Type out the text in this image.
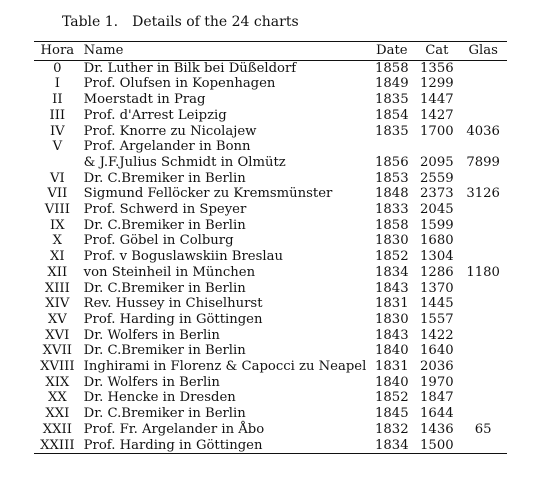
Table 1. Details of the 24 charts
Hora	Name	Date	Cat	Glas
0	Dr. Luther in Bilk bei Düßeldorf	1858	1356	
I	Prof. Olufsen in Kopenhagen	1849	1299	
II	Moerstadt in Prag	1835	1447	
III	Prof. d'Arrest Leipzig	1854	1427	
IV	Prof. Knorre zu Nicolajew	1835	1700	4036
V	Prof. Argelander in Bonn			
	& J.F.Julius Schmidt in Olmütz	1856	2095	7899
VI	Dr. C.Bremiker in Berlin	1853	2559	
VII	Sigmund Fellöcker zu Kremsmünster	1848	2373	3126
VIII	Prof. Schwerd in Speyer	1833	2045	
IX	Dr. C.Bremiker in Berlin	1858	1599	
X	Prof. Göbel in Colburg	1830	1680	
XI	Prof. v Boguslawskiin Breslau	1852	1304	
XII	von Steinheil in München	1834	1286	1180
XIII	Dr. C.Bremiker in Berlin	1843	1370	
XIV	Rev. Hussey in Chiselhurst	1831	1445	
XV	Prof. Harding in Göttingen	1830	1557	
XVI	Dr. Wolfers in Berlin	1843	1422	
XVII	Dr. C.Bremiker in Berlin	1840	1640	
XVIII	Inghirami in Florenz & Capocci zu Neapel	1831	2036	
XIX	Dr. Wolfers in Berlin	1840	1970	
XX	Dr. Hencke in Dresden	1852	1847	
XXI	Dr. C.Bremiker in Berlin	1845	1644	
XXII	Prof. Fr. Argelander in Åbo	1832	1436	65
XXIII	Prof. Harding in Göttingen	1834	1500	
